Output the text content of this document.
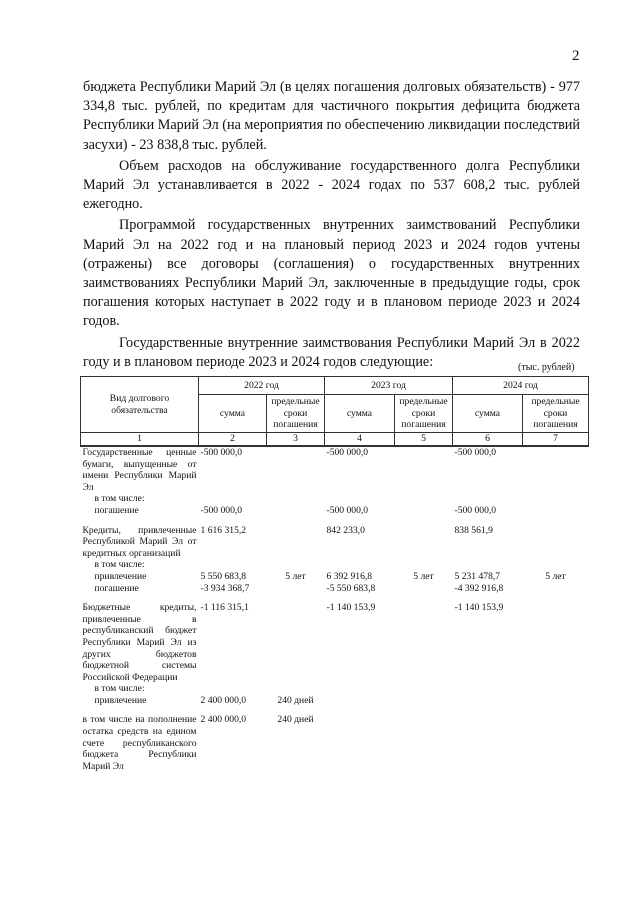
2

бюджета Республики Марий Эл (в целях погашения долговых обязательств) - 977 334,8 тыс. рублей, по кредитам для частичного покрытия дефицита бюджета Республики Марий Эл (на мероприятия по обеспечению ликвидации последствий засухи) - 23 838,8 тыс. рублей.

Объем расходов на обслуживание государственного долга Республики Марий Эл устанавливается в 2022 - 2024 годах по 537 608,2 тыс. рублей ежегодно.

Программой государственных внутренних заимствований Республики Марий Эл на 2022 год и на плановый период 2023 и 2024 годов учтены (отражены) все договоры (соглашения) о государственных внутренних заимствованиях Республики Марий Эл, заключенные в предыдущие годы, срок погашения которых наступает в 2022 году и в плановом периоде 2023 и 2024 годов.

Государственные внутренние заимствования Республики Марий Эл в 2022 году и в плановом периоде 2023 и 2024 годов следующие:	(тыс. рублей)
Вид долгового обязательства	2022 год		2023 год		2024 год	
	сумма	предельные сроки погашения	сумма	предельные сроки погашения	сумма	предельные сроки погашения
1	2	3	4	5	6	7
Государственные ценные бумаги, выпущенные от имени Республики Марий Эл	-500 000,0		-500 000,0		-500 000,0	
в том числе:						
погашение	-500 000,0		-500 000,0		-500 000,0	

Кредиты, привлеченные Республикой Марий Эл от кредитных организаций	1 616 315,2		842 233,0		838 561,9	
в том числе:						
привлечение	5 550 683,8	5 лет	6 392 916,8	5 лет	5 231 478,7	5 лет
погашение	-3 934 368,7		-5 550 683,8		-4 392 916,8	

Бюджетные кредиты, привлеченные в республиканский бюджет Республики Марий Эл из других бюджетов бюджетной системы Российской Федерации	-1 116 315,1		-1 140 153,9		-1 140 153,9	
в том числе:						
привлечение	2 400 000,0	240 дней				

в том числе на пополнение остатка средств на едином счете республиканского бюджета Республики Марий Эл	2 400 000,0	240 дней				
